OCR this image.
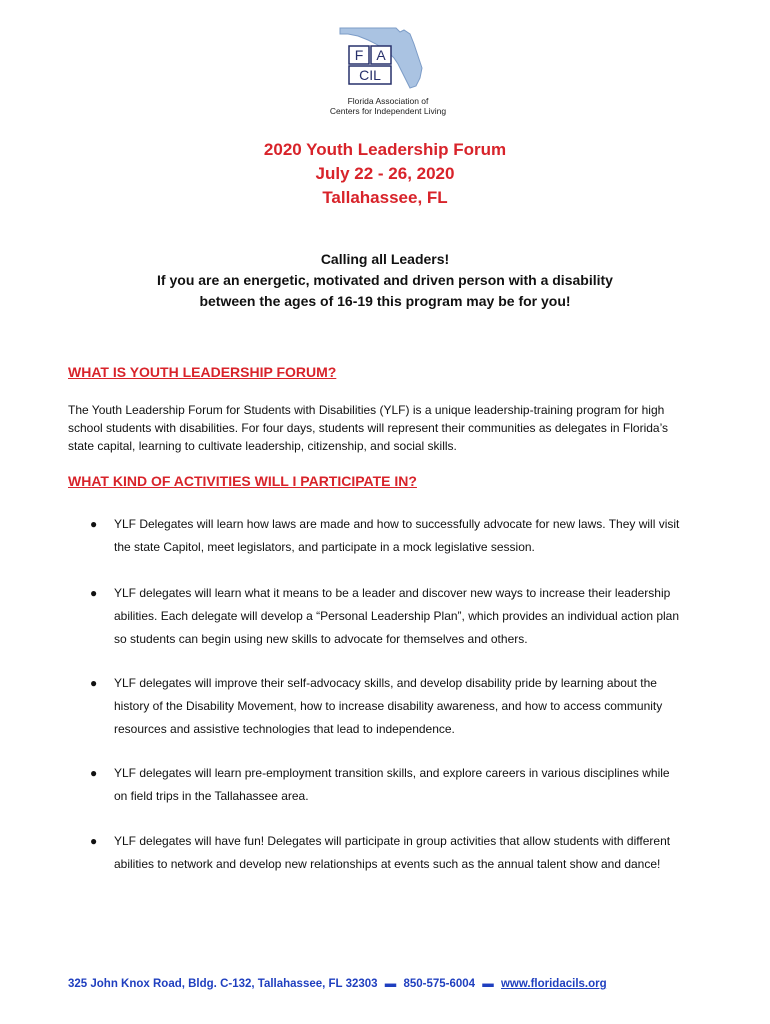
F A
CIL
Florida Association of
Centers for Independent Living
2020 Youth Leadership Forum
July 22 - 26, 2020
Tallahassee, FL
Calling all Leaders!
If you are an energetic, motivated and driven person with a disability
between the ages of 16-19 this program may be for you!
WHAT IS YOUTH LEADERSHIP FORUM?
The Youth Leadership Forum for Students with Disabilities (YLF) is a unique leadership-training program for high
school students with disabilities. For four days, students will represent their communities as delegates in Florida’s
state capital, learning to cultivate leadership, citizenship, and social skills.
WHAT KIND OF ACTIVITIES WILL I PARTICIPATE IN?
● YLF Delegates will learn how laws are made and how to successfully advocate for new laws. They will visit
the state Capitol, meet legislators, and participate in a mock legislative session.
● YLF delegates will learn what it means to be a leader and discover new ways to increase their leadership
abilities. Each delegate will develop a “Personal Leadership Plan”, which provides an individual action plan
so students can begin using new skills to advocate for themselves and others.
● YLF delegates will improve their self-advocacy skills, and develop disability pride by learning about the
history of the Disability Movement, how to increase disability awareness, and how to access community
resources and assistive technologies that lead to independence.
● YLF delegates will learn pre-employment transition skills, and explore careers in various disciplines while
on field trips in the Tallahassee area.
● YLF delegates will have fun! Delegates will participate in group activities that allow students with different
abilities to network and develop new relationships at events such as the annual talent show and dance!
325 John Knox Road, Bldg. C-132, Tallahassee, FL 32303 ▬ 850-575-6004 ▬ www.floridacils.org
